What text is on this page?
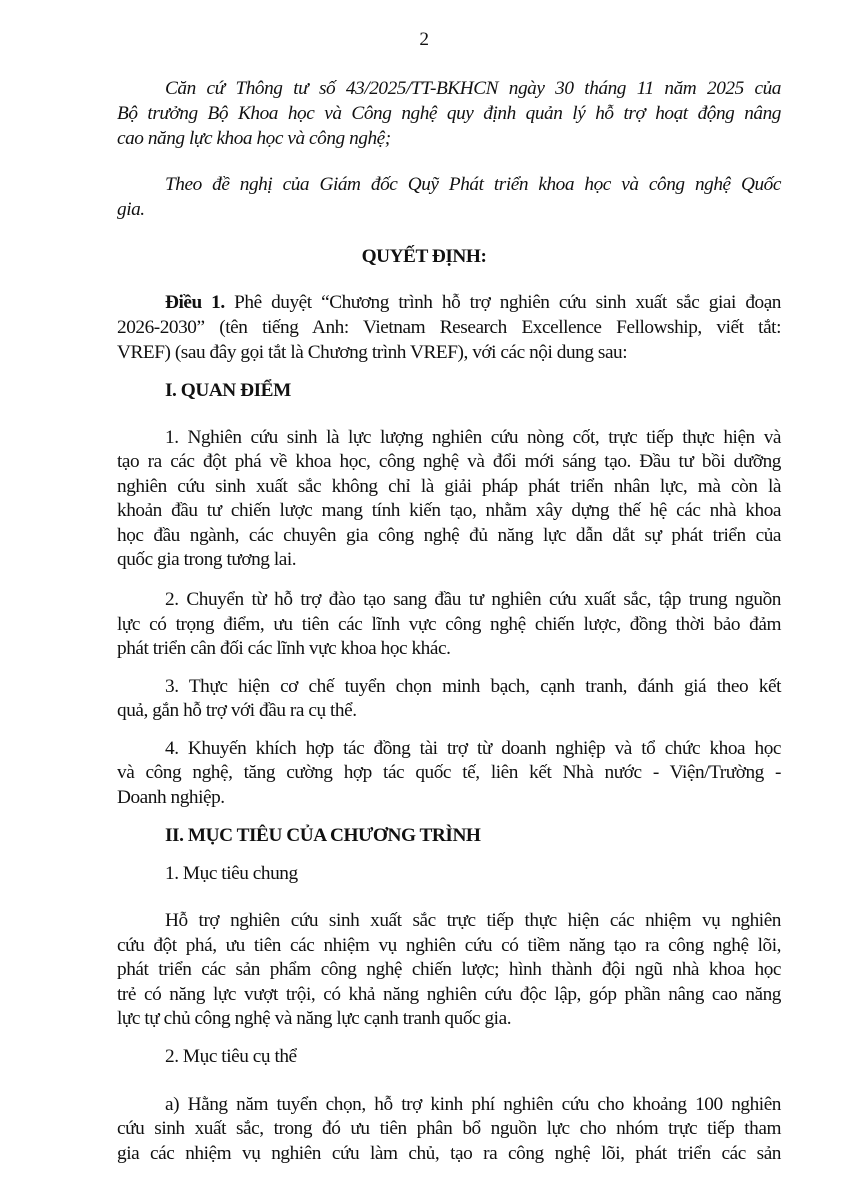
2
Căn cứ Thông tư số 43/2025/TT-BKHCN ngày 30 tháng 11 năm 2025 của
Bộ trưởng Bộ Khoa học và Công nghệ quy định quản lý hỗ trợ hoạt động nâng
cao năng lực khoa học và công nghệ;
Theo đề nghị của Giám đốc Quỹ Phát triển khoa học và công nghệ Quốc
gia.
QUYẾT ĐỊNH:
Điều 1. Phê duyệt “Chương trình hỗ trợ nghiên cứu sinh xuất sắc giai đoạn
2026-2030” (tên tiếng Anh: Vietnam Research Excellence Fellowship, viết tắt:
VREF) (sau đây gọi tắt là Chương trình VREF), với các nội dung sau:
I. QUAN ĐIỂM
1. Nghiên cứu sinh là lực lượng nghiên cứu nòng cốt, trực tiếp thực hiện và
tạo ra các đột phá về khoa học, công nghệ và đổi mới sáng tạo. Đầu tư bồi dưỡng
nghiên cứu sinh xuất sắc không chỉ là giải pháp phát triển nhân lực, mà còn là
khoản đầu tư chiến lược mang tính kiến tạo, nhằm xây dựng thế hệ các nhà khoa
học đầu ngành, các chuyên gia công nghệ đủ năng lực dẫn dắt sự phát triển của
quốc gia trong tương lai.
2. Chuyển từ hỗ trợ đào tạo sang đầu tư nghiên cứu xuất sắc, tập trung nguồn
lực có trọng điểm, ưu tiên các lĩnh vực công nghệ chiến lược, đồng thời bảo đảm
phát triển cân đối các lĩnh vực khoa học khác.
3. Thực hiện cơ chế tuyển chọn minh bạch, cạnh tranh, đánh giá theo kết
quả, gắn hỗ trợ với đầu ra cụ thể.
4. Khuyến khích hợp tác đồng tài trợ từ doanh nghiệp và tổ chức khoa học
và công nghệ, tăng cường hợp tác quốc tế, liên kết Nhà nước - Viện/Trường -
Doanh nghiệp.
II. MỤC TIÊU CỦA CHƯƠNG TRÌNH
1. Mục tiêu chung
Hỗ trợ nghiên cứu sinh xuất sắc trực tiếp thực hiện các nhiệm vụ nghiên
cứu đột phá, ưu tiên các nhiệm vụ nghiên cứu có tiềm năng tạo ra công nghệ lõi,
phát triển các sản phẩm công nghệ chiến lược; hình thành đội ngũ nhà khoa học
trẻ có năng lực vượt trội, có khả năng nghiên cứu độc lập, góp phần nâng cao năng
lực tự chủ công nghệ và năng lực cạnh tranh quốc gia.
2. Mục tiêu cụ thể
a) Hằng năm tuyển chọn, hỗ trợ kinh phí nghiên cứu cho khoảng 100 nghiên
cứu sinh xuất sắc, trong đó ưu tiên phân bổ nguồn lực cho nhóm trực tiếp tham
gia các nhiệm vụ nghiên cứu làm chủ, tạo ra công nghệ lõi, phát triển các sản
